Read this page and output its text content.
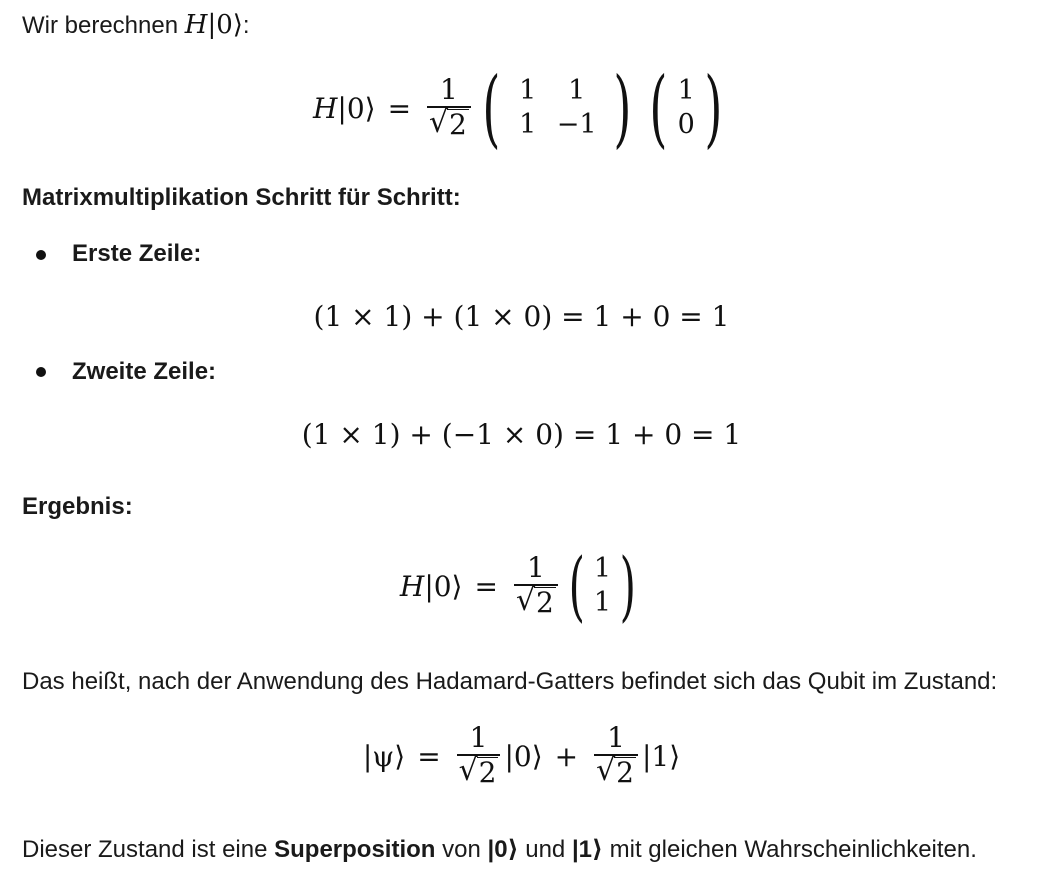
Wir berechnen H|0⟩:
H |0⟩ = $\frac{1}{√ 2}$ ( 1	1
1 −1 ) ( 1
0 )
Matrixmultiplikation Schritt für Schritt:
Erste Zeile:
(1 × 1) + (1 × 0) = 1 + 0 = 1
Zweite Zeile:
(1 × 1) + (−1 × 0) = 1 + 0 = 1
Ergebnis:
H |0⟩ = $\frac{1}{√ 2}$ ( 1
1 )
Das heißt, nach der Anwendung des Hadamard-Gatters befindet sich das Qubit im Zustand:
|ψ⟩ = $\frac{1}{√ 2}$ |0⟩ + $\frac{1}{√ 2}$ |1⟩
Dieser Zustand ist eine Superposition von |0⟩ und |1⟩ mit gleichen Wahrscheinlichkeiten.
